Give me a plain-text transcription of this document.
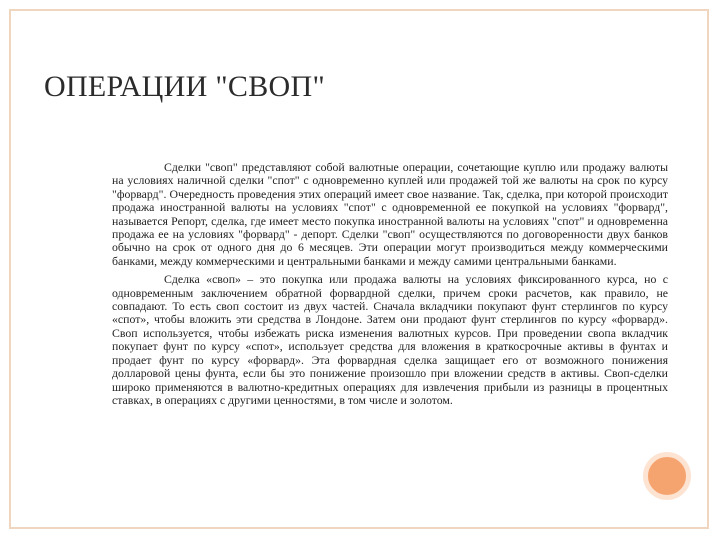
ОПЕРАЦИИ "СВОП"

Сделки "своп" представляют собой валютные операции, сочетающие куплю или продажу валюты на условиях наличной сделки "спот" с одновременно куплей или продажей той же валюты на срок по курсу "форвард". Очередность проведения этих операций имеет свое название. Так, сделка, при которой происходит продажа иностранной валюты на условиях "спот" с одновременной ее покупкой на условиях "форвард", называется Репорт, сделка, где имеет место покупка иностранной валюты на условиях "спот" и одновременна продажа ее на условиях "форвард" - депорт. Сделки "своп" осуществляются по договоренности двух банков обычно на срок от одного дня до 6 месяцев. Эти операции могут производиться между коммерческими банками, между коммерческими и центральными банками и между самими центральными банками.

Сделка «своп» – это покупка или продажа валюты на условиях фиксированного курса, но с одновременным заключением обратной форвардной сделки, причем сроки расчетов, как правило, не совпадают. То есть своп состоит из двух частей. Сначала вкладчики покупают фунт стерлингов по курсу «спот», чтобы вложить эти средства в Лондоне. Затем они продают фунт стерлингов по курсу «форвард». Своп используется, чтобы избежать риска изменения валютных курсов. При проведении свопа вкладчик покупает фунт по курсу «спот», использует средства для вложения в краткосрочные активы в фунтах и продает фунт по курсу «форвард». Эта форвардная сделка защищает его от возможного понижения долларовой цены фунта, если бы это понижение произошло при вложении средств в активы. Своп-сделки широко применяются в валютно-кредитных операциях для извлечения прибыли из разницы в процентных ставках, в операциях с другими ценностями, в том числе и золотом.
